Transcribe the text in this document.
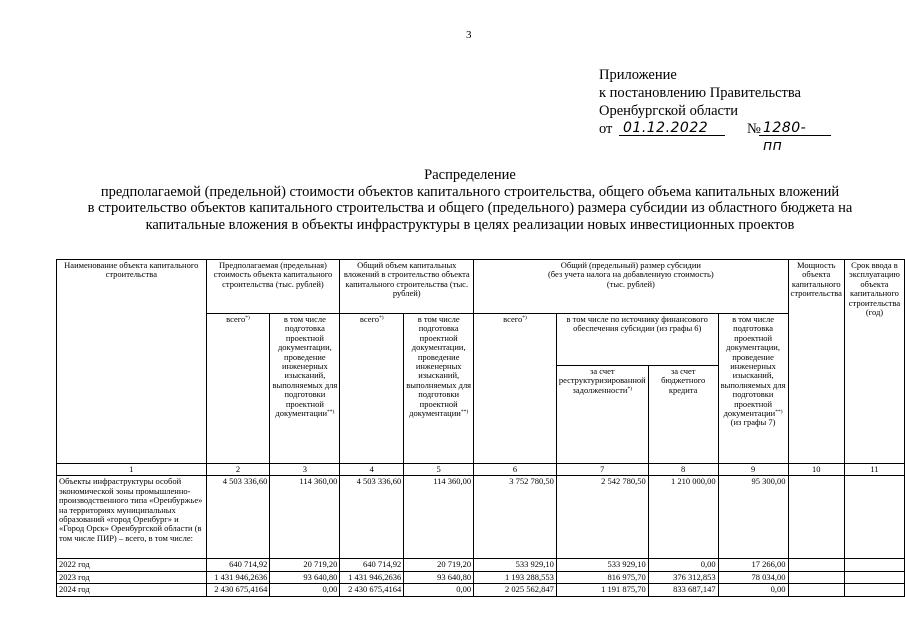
3
Приложение
к постановлению Правительства
Оренбургской области
от 01.12.2022	№ 1280-пп
Распределение
предполагаемой (предельной) стоимости объектов капитального строительства, общего объема капитальных вложений
в строительство объектов капитального строительства и общего (предельного) размера субсидии из областного бюджета на
капитальные вложения в объекты инфраструктуры в целях реализации новых инвестиционных проектов
Наименование объекта капитального строительства	Предполагаемая (предельная) стоимость объекта капитального строительства (тыс. рублей)		Общий объем капитальных вложений в строительство объекта капитального строительства (тыс. рублей)		Общий (предельный) размер субсидии
(без учета налога на добавленную стоимость)
(тыс. рублей)				Мощность объекта капитального строительства	Срок ввода в эксплуатацию объекта капитального строительства (год)
	всего*)	в том числе подготовка проектной документации, проведение инженерных изысканий, выполняемых для подготовки проектной документации**)	всего*)	в том числе подготовка проектной документации, проведение инженерных изысканий, выполняемых для подготовки проектной документации**)	всего*)	в том числе по источнику финансового обеспечения субсидии (из графы 6)		в том числе подготовка проектной документации, проведение инженерных изысканий, выполняемых для подготовки проектной документации**)
(из графы 7)		

						за счет реструктуризированной задолженности*)	за счет бюджетного кредита			
1	2	3	4	5	6	7	8	9	10	11
Объекты инфраструктуры особой экономической зоны промышленно-производственного типа «Оренбуржье» на территориях муниципальных образований «город Оренбург» и «Город Орск» Оренбургской области (в том числе ПИР) – всего, в том числе:	4 503 336,60	114 360,00	4 503 336,60	114 360,00	3 752 780,50	2 542 780,50	1 210 000,00	95 300,00		
2022 год	640 714,92	20 719,20	640 714,92	20 719,20	533 929,10	533 929,10	0,00	17 266,00		
2023 год	1 431 946,2636	93 640,80	1 431 946,2636	93 640,80	1 193 288,553	816 975,70	376 312,853	78 034,00		
2024 год	2 430 675,4164	0,00	2 430 675,4164	0,00	2 025 562,847	1 191 875,70	833 687,147	0,00		
